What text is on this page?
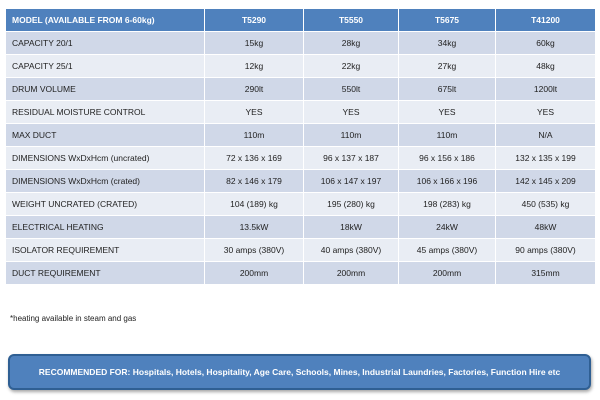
MODEL (AVAILABLE FROM 6-60kg)	T5290	T5550	T5675	T41200
CAPACITY 20/1	15kg	28kg	34kg	60kg
CAPACITY 25/1	12kg	22kg	27kg	48kg
DRUM VOLUME	290lt	550lt	675lt	1200lt
RESIDUAL MOISTURE CONTROL	YES	YES	YES	YES
MAX DUCT	110m	110m	110m	N/A
DIMENSIONS WxDxHcm (uncrated)	72 x 136 x 169	96 x 137 x 187	96 x 156 x 186	132 x 135 x 199
DIMENSIONS WxDxHcm (crated)	82 x 146 x 179	106 x 147 x 197	106 x 166 x 196	142 x 145 x 209
WEIGHT UNCRATED (CRATED)	104 (189) kg	195 (280) kg	198 (283) kg	450 (535) kg
ELECTRICAL HEATING	13.5kW	18kW	24kW	48kW
ISOLATOR REQUIREMENT	30 amps (380V)	40 amps (380V)	45 amps (380V)	90 amps (380V)
DUCT REQUIREMENT	200mm	200mm	200mm	315mm
*heating available in steam and gas
RECOMMENDED FOR: Hospitals, Hotels, Hospitality, Age Care, Schools, Mines, Industrial Laundries, Factories, Function Hire etc
